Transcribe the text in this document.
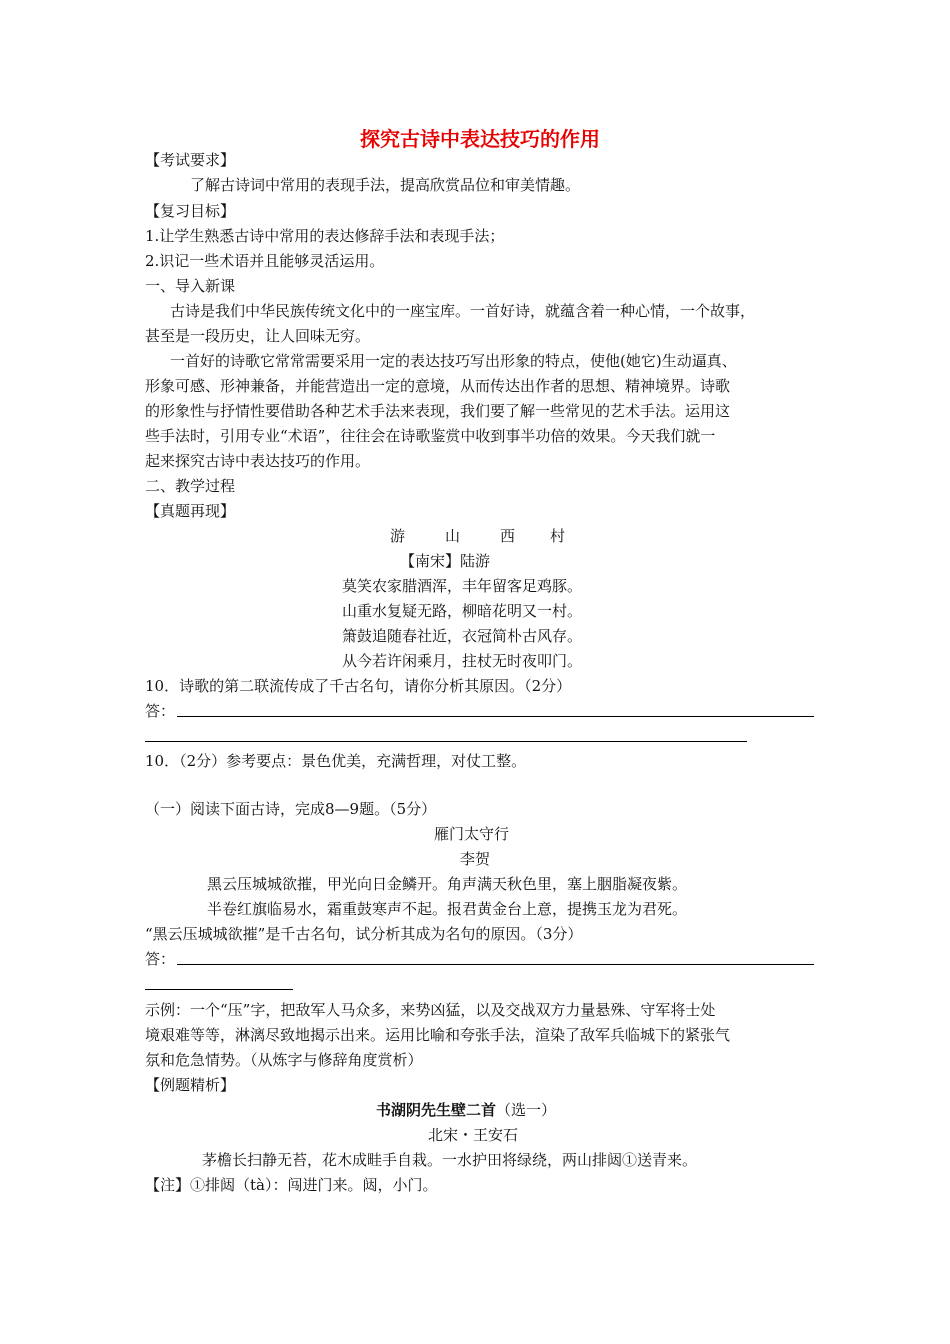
探究古诗中表达技巧的作用
【考试要求】
了解古诗词中常用的表现手法，提高欣赏品位和审美情趣。
【复习目标】
1.让学生熟悉古诗中常用的表达修辞手法和表现手法；
2.识记一些术语并且能够灵活运用。
一、导入新课
古诗是我们中华民族传统文化中的一座宝库。一首好诗，就蕴含着一种心情，一个故事，
甚至是一段历史，让人回味无穷。
一首好的诗歌它常常需要采用一定的表达技巧写出形象的特点，使他(她它)生动逼真、
形象可感、形神兼备，并能营造出一定的意境，从而传达出作者的思想、精神境界。诗歌
的形象性与抒情性要借助各种艺术手法来表现，我们要了解一些常见的艺术手法。运用这
些手法时，引用专业“术语”，往往会在诗歌鉴赏中收到事半功倍的效果。今天我们就一
起来探究古诗中表达技巧的作用。
二、教学过程
【真题再现】
游	山	西 村
【南宋】陆游
莫笑农家腊酒浑，丰年留客足鸡豚。
山重水复疑无路，柳暗花明又一村。
箫鼓追随春社近，衣冠简朴古风存。
从今若许闲乘月，拄杖无时夜叩门。
10．诗歌的第二联流传成了千古名句，请你分析其原因。（2分）
答：
10．（2分）参考要点：景色优美，充满哲理，对仗工整。
（一）阅读下面古诗，完成8—9题。（5分）
雁门太守行
李贺
黑云压城城欲摧，甲光向日金鳞开。角声满天秋色里，塞上胭脂凝夜紫。
半卷红旗临易水，霜重鼓寒声不起。报君黄金台上意，提携玉龙为君死。
“黑云压城城欲摧”是千古名句，试分析其成为名句的原因。（3分）
答：
示例：一个“压”字，把敌军人马众多，来势凶猛，以及交战双方力量悬殊、守军将士处
境艰难等等，淋漓尽致地揭示出来。运用比喻和夸张手法，渲染了敌军兵临城下的紧张气
氛和危急情势。（从炼字与修辞角度赏析）
【例题精析】
书湖阴先生壁二首（选一）
北宋・王安石
茅檐长扫静无苔，花木成畦手自栽。一水护田将绿绕，两山排闼①送青来。
【注】①排闼（tà）：闯进门来。闼，小门。
